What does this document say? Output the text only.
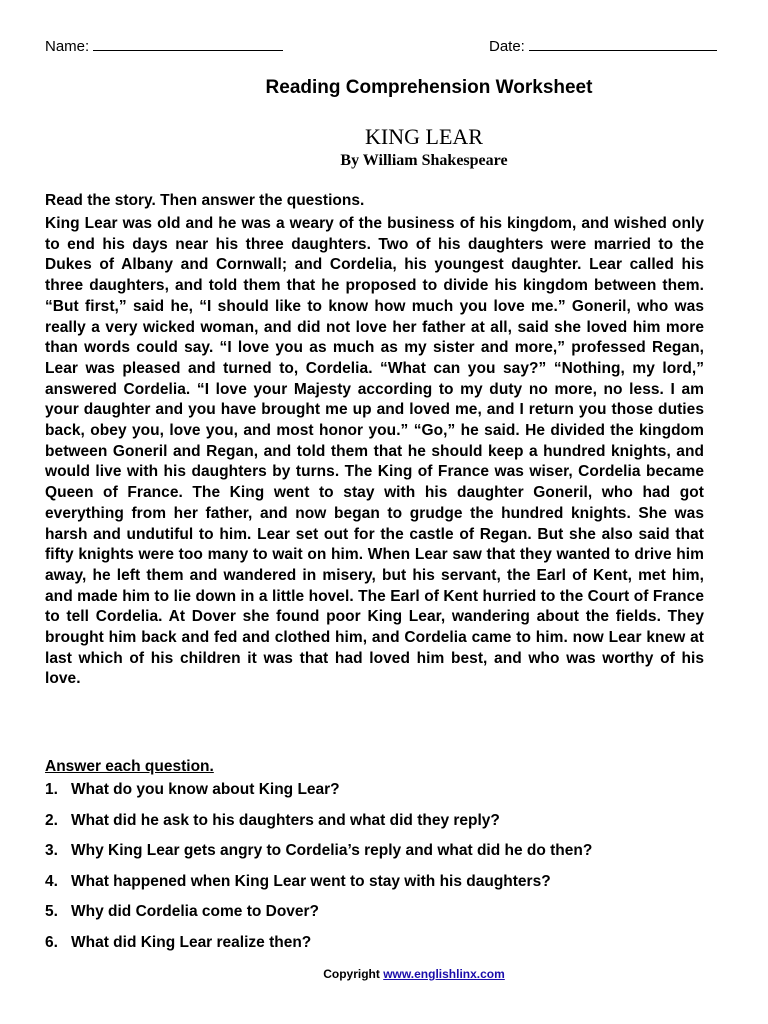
Name:	Date:
Reading Comprehension Worksheet
KING LEAR
By William Shakespeare
Read the story. Then answer the questions.
King Lear was old and he was a weary of the business of his kingdom, and wished only to end his days near his three daughters. Two of his daughters were married to the Dukes of Albany and Cornwall; and Cordelia, his youngest daughter. Lear called his three daughters, and told them that he proposed to divide his kingdom between them. “But first,” said he, “I should like to know how much you love me.” Goneril, who was really a very wicked woman, and did not love her father at all, said she loved him more than words could say. “I love you as much as my sister and more,” professed Regan, Lear was pleased and turned to, Cordelia. “What can you say?” “Nothing, my lord,” answered Cordelia. “I love your Majesty according to my duty no more, no less. I am your daughter and you have brought me up and loved me, and I return you those duties back, obey you, love you, and most honor you.” “Go,” he said. He divided the kingdom between Goneril and Regan, and told them that he should keep a hundred knights, and would live with his daughters by turns. The King of France was wiser, Cordelia became Queen of France. The King went to stay with his daughter Goneril, who had got everything from her father, and now began to grudge the hundred knights. She was harsh and undutiful to him. Lear set out for the castle of Regan. But she also said that fifty knights were too many to wait on him. When Lear saw that they wanted to drive him away, he left them and wandered in misery, but his servant, the Earl of Kent, met him, and made him to lie down in a little hovel. The Earl of Kent hurried to the Court of France to tell Cordelia. At Dover she found poor King Lear, wandering about the fields. They brought him back and fed and clothed him, and Cordelia came to him. now Lear knew at last which of his children it was that had loved him best, and who was worthy of his love.
Answer each question.
1. What do you know about King Lear?
2. What did he ask to his daughters and what did they reply?
3. Why King Lear gets angry to Cordelia’s reply and what did he do then?
4. What happened when King Lear went to stay with his daughters?
5. Why did Cordelia come to Dover?
6. What did King Lear realize then?
Copyright www.englishlinx.com
